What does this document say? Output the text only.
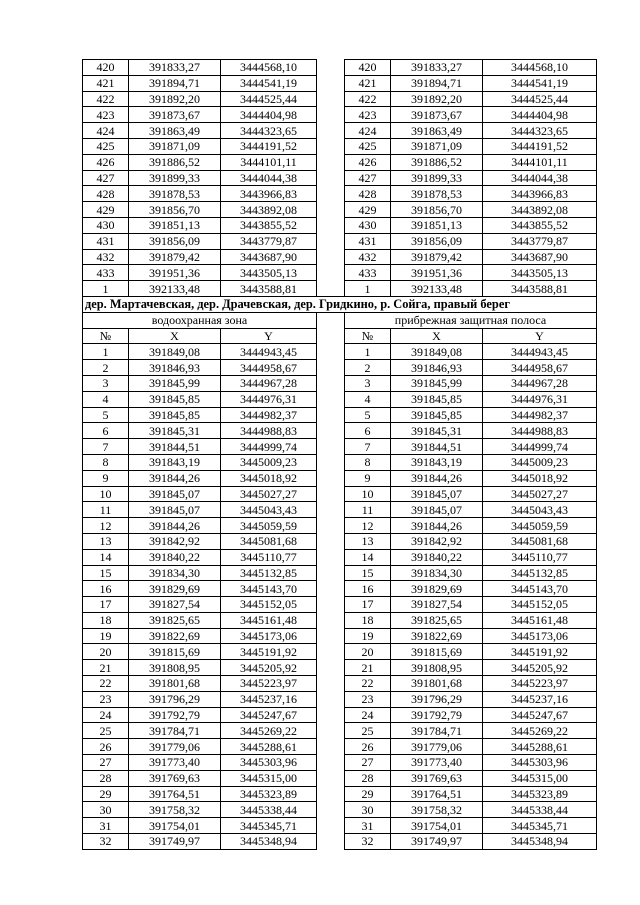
420	391833,27	3444568,10		420	391833,27	3444568,10
421	391894,71	3444541,19		421	391894,71	3444541,19
422	391892,20	3444525,44		422	391892,20	3444525,44
423	391873,67	3444404,98		423	391873,67	3444404,98
424	391863,49	3444323,65		424	391863,49	3444323,65
425	391871,09	3444191,52		425	391871,09	3444191,52
426	391886,52	3444101,11		426	391886,52	3444101,11
427	391899,33	3444044,38		427	391899,33	3444044,38
428	391878,53	3443966,83		428	391878,53	3443966,83
429	391856,70	3443892,08		429	391856,70	3443892,08
430	391851,13	3443855,52		430	391851,13	3443855,52
431	391856,09	3443779,87		431	391856,09	3443779,87
432	391879,42	3443687,90		432	391879,42	3443687,90
433	391951,36	3443505,13		433	391951,36	3443505,13
1	392133,48	3443588,81		1	392133,48	3443588,81
дер. Мартачевская, дер. Драчевская, дер. Гридкино, р. Сойга, правый берег						
водоохранная зона				прибрежная защитная полоса		
№	X	Y		№	X	Y
1	391849,08	3444943,45		1	391849,08	3444943,45
2	391846,93	3444958,67		2	391846,93	3444958,67
3	391845,99	3444967,28		3	391845,99	3444967,28
4	391845,85	3444976,31		4	391845,85	3444976,31
5	391845,85	3444982,37		5	391845,85	3444982,37
6	391845,31	3444988,83		6	391845,31	3444988,83
7	391844,51	3444999,74		7	391844,51	3444999,74
8	391843,19	3445009,23		8	391843,19	3445009,23
9	391844,26	3445018,92		9	391844,26	3445018,92
10	391845,07	3445027,27		10	391845,07	3445027,27
11	391845,07	3445043,43		11	391845,07	3445043,43
12	391844,26	3445059,59		12	391844,26	3445059,59
13	391842,92	3445081,68		13	391842,92	3445081,68
14	391840,22	3445110,77		14	391840,22	3445110,77
15	391834,30	3445132,85		15	391834,30	3445132,85
16	391829,69	3445143,70		16	391829,69	3445143,70
17	391827,54	3445152,05		17	391827,54	3445152,05
18	391825,65	3445161,48		18	391825,65	3445161,48
19	391822,69	3445173,06		19	391822,69	3445173,06
20	391815,69	3445191,92		20	391815,69	3445191,92
21	391808,95	3445205,92		21	391808,95	3445205,92
22	391801,68	3445223,97		22	391801,68	3445223,97
23	391796,29	3445237,16		23	391796,29	3445237,16
24	391792,79	3445247,67		24	391792,79	3445247,67
25	391784,71	3445269,22		25	391784,71	3445269,22
26	391779,06	3445288,61		26	391779,06	3445288,61
27	391773,40	3445303,96		27	391773,40	3445303,96
28	391769,63	3445315,00		28	391769,63	3445315,00
29	391764,51	3445323,89		29	391764,51	3445323,89
30	391758,32	3445338,44		30	391758,32	3445338,44
31	391754,01	3445345,71		31	391754,01	3445345,71
32	391749,97	3445348,94		32	391749,97	3445348,94
